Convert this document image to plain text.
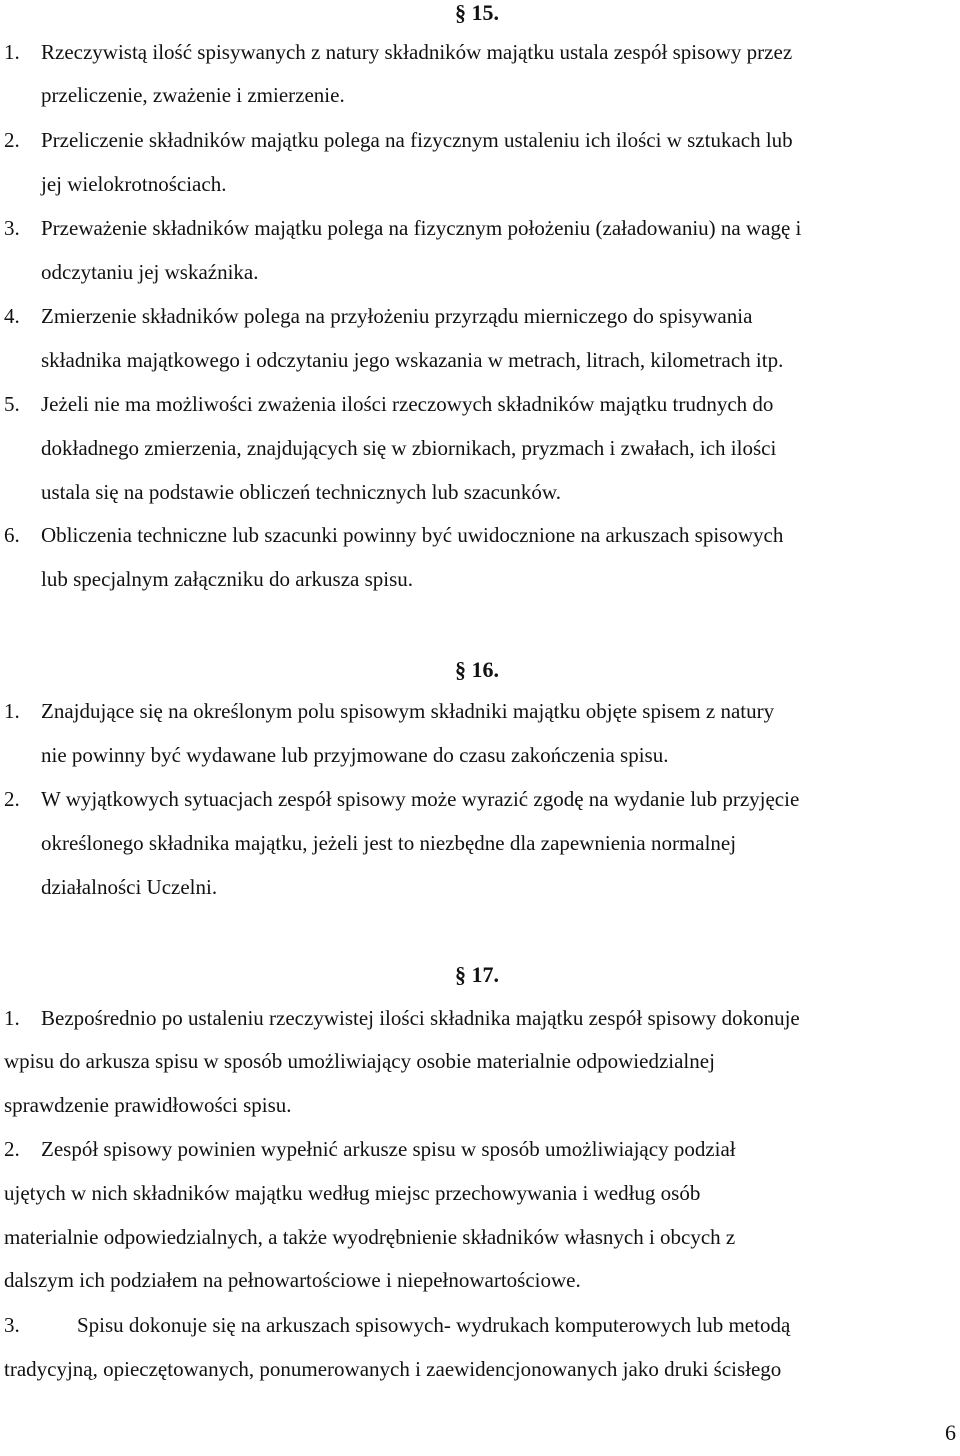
§ 15.
1. Rzeczywistą ilość spisywanych z natury składników majątku ustala zespół spisowy przez
przeliczenie, zważenie i zmierzenie.
2. Przeliczenie składników majątku polega na fizycznym ustaleniu ich ilości w sztukach lub
jej wielokrotnościach.
3. Przeważenie składników majątku polega na fizycznym położeniu (załadowaniu) na wagę i
odczytaniu jej wskaźnika.
4. Zmierzenie składników polega na przyłożeniu przyrządu mierniczego do spisywania
składnika majątkowego i odczytaniu jego wskazania w metrach, litrach, kilometrach itp.
5. Jeżeli nie ma możliwości zważenia ilości rzeczowych składników majątku trudnych do
dokładnego zmierzenia, znajdujących się w zbiornikach, pryzmach i zwałach, ich ilości
ustala się na podstawie obliczeń technicznych lub szacunków.
6. Obliczenia techniczne lub szacunki powinny być uwidocznione na arkuszach spisowych
lub specjalnym załączniku do arkusza spisu.
§ 16.
1. Znajdujące się na określonym polu spisowym składniki majątku objęte spisem z natury
nie powinny być wydawane lub przyjmowane do czasu zakończenia spisu.
2. W wyjątkowych sytuacjach zespół spisowy może wyrazić zgodę na wydanie lub przyjęcie
określonego składnika majątku, jeżeli jest to niezbędne dla zapewnienia normalnej
działalności Uczelni.
§ 17.
1. Bezpośrednio po ustaleniu rzeczywistej ilości składnika majątku zespół spisowy dokonuje
wpisu do arkusza spisu w sposób umożliwiający osobie materialnie odpowiedzialnej
sprawdzenie prawidłowości spisu.
2. Zespół spisowy powinien wypełnić arkusze spisu w sposób umożliwiający podział
ujętych w nich składników majątku według miejsc przechowywania i według osób
materialnie odpowiedzialnych, a także wyodrębnienie składników własnych i obcych z
dalszym ich podziałem na pełnowartościowe i niepełnowartościowe.
3.	Spisu dokonuje się na arkuszach spisowych- wydrukach komputerowych lub metodą
tradycyjną, opieczętowanych, ponumerowanych i zaewidencjonowanych jako druki ścisłego
6
